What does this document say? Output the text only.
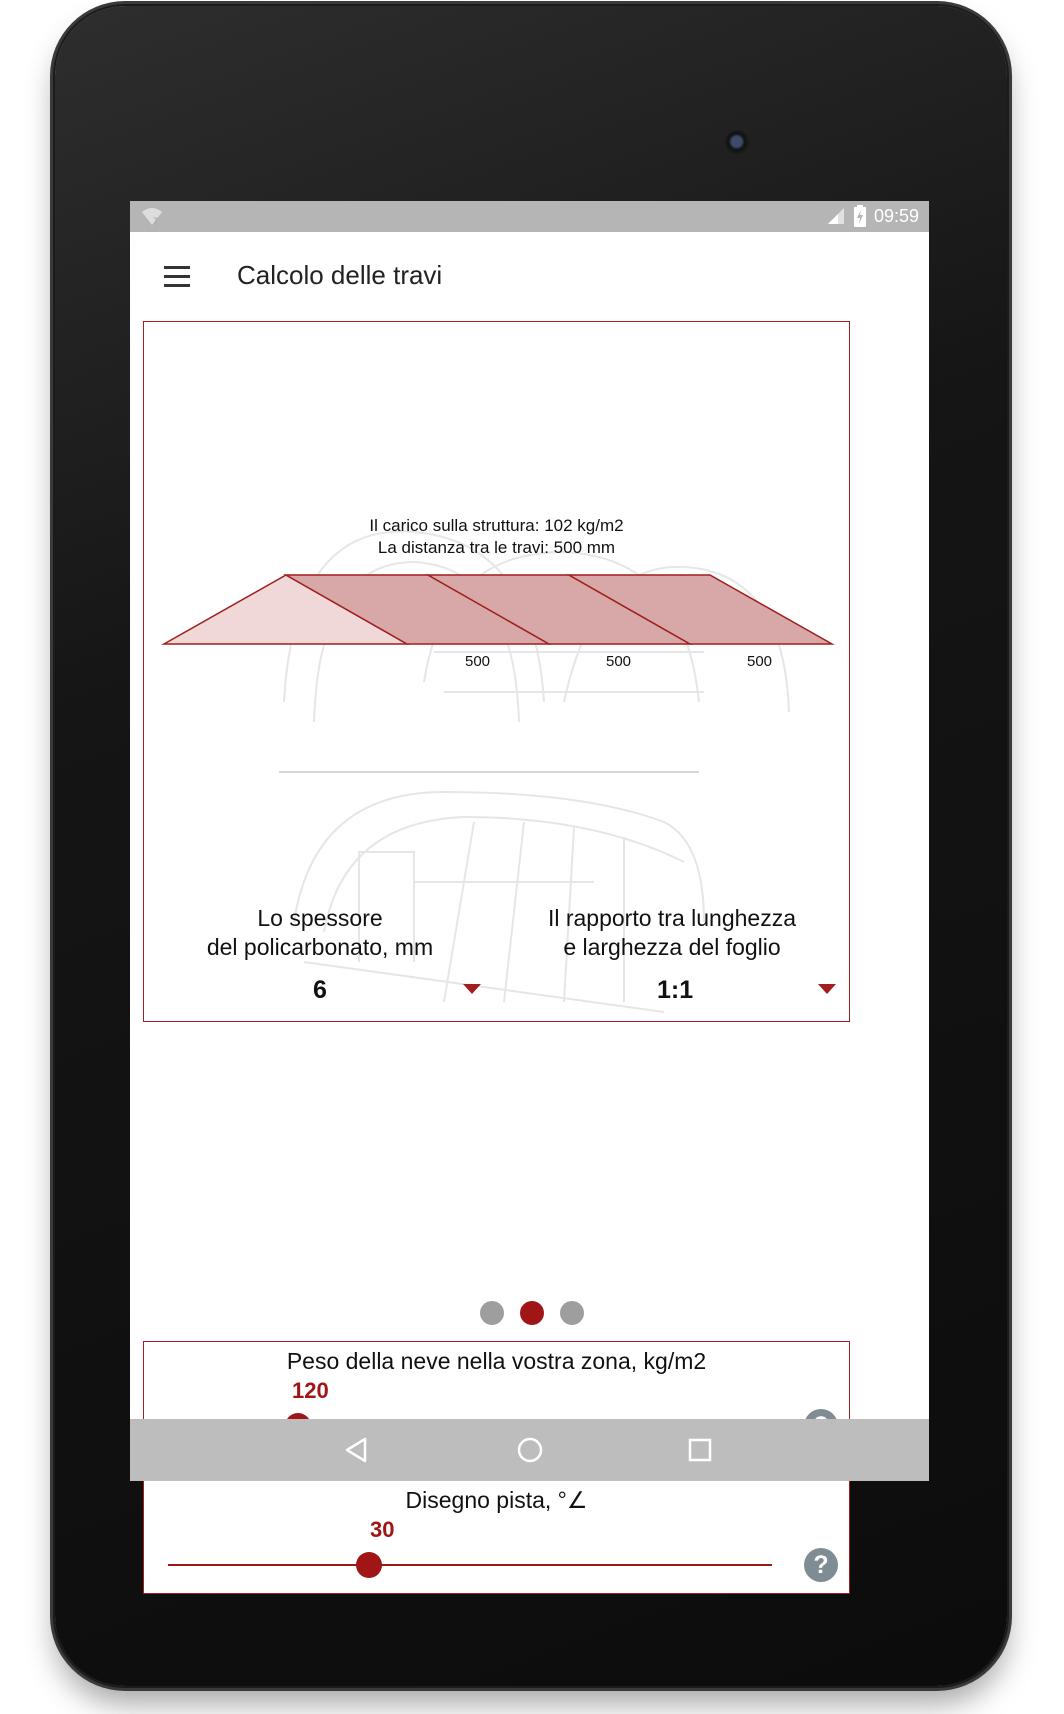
?	09:59
Calcolo delle travi
Il carico sulla struttura: 102 kg/m2
La distanza tra le travi: 500 mm
500	500	500
Lo spessore
del policarbonato, mm
6
Il rapporto tra lunghezza
e larghezza del foglio
1:1
Peso della neve nella vostra zona, kg/m2
120
Disegno pista, °∠
30
?
